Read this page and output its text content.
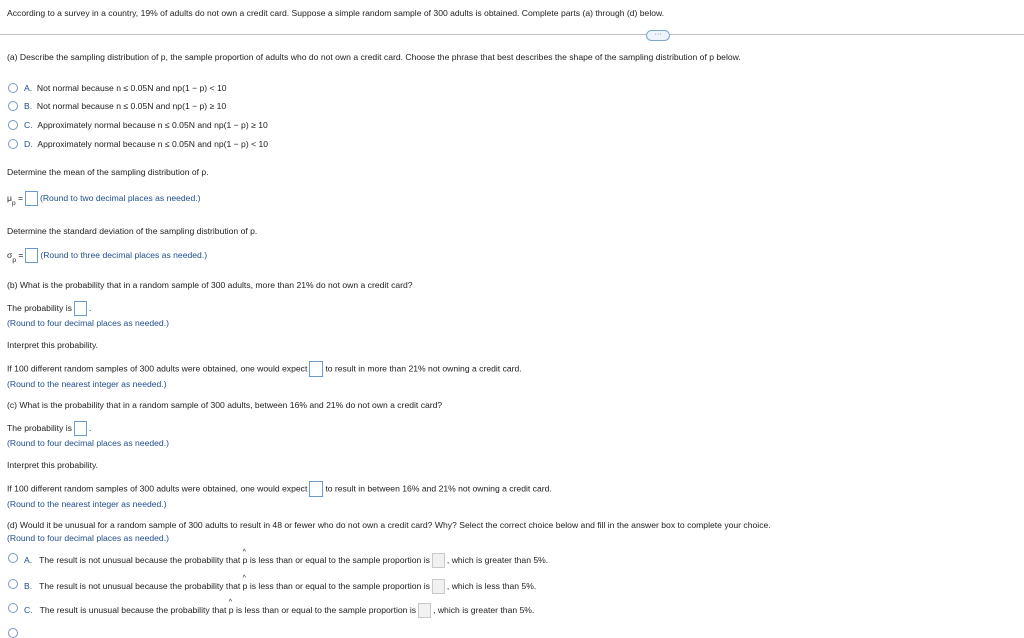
According to a survey in a country, 19% of adults do not own a credit card. Suppose a simple random sample of 300 adults is obtained. Complete parts (a) through (d) below.
···
(a) Describe the sampling distribution of p, the sample proportion of adults who do not own a credit card. Choose the phrase that best describes the shape of the sampling distribution of p below.
A. Not normal because n ≤ 0.05N and np(1 − p) < 10
B. Not normal because n ≤ 0.05N and np(1 − p) ≥ 10
C. Approximately normal because n ≤ 0.05N and np(1 − p) ≥ 10
D. Approximately normal because n ≤ 0.05N and np(1 − p) < 10
Determine the mean of the sampling distribution of p.
$\mu_p$ = (Round to two decimal places as needed.)
Determine the standard deviation of the sampling distribution of p.
$\sigma_p$ = (Round to three decimal places as needed.)
(b) What is the probability that in a random sample of 300 adults, more than 21% do not own a credit card?
The probability is .
(Round to four decimal places as needed.)
Interpret this probability.
If 100 different random samples of 300 adults were obtained, one would expect to result in more than 21% not owning a credit card.
(Round to the nearest integer as needed.)
(c) What is the probability that in a random sample of 300 adults, between 16% and 21% do not own a credit card?
The probability is .
(Round to four decimal places as needed.)
Interpret this probability.
If 100 different random samples of 300 adults were obtained, one would expect to result in between 16% and 21% not owning a credit card.
(Round to the nearest integer as needed.)
(d) Would it be unusual for a random sample of 300 adults to result in 48 or fewer who do not own a credit card? Why? Select the correct choice below and fill in the answer box to complete your choice.
(Round to four decimal places as needed.)
A. The result is not unusual because the probability that ^ p is less than or equal to the sample proportion is , which is greater than 5%.
B. The result is not unusual because the probability that ^ p is less than or equal to the sample proportion is , which is less than 5%.
C. The result is unusual because the probability that ^ p is less than or equal to the sample proportion is , which is greater than 5%.
